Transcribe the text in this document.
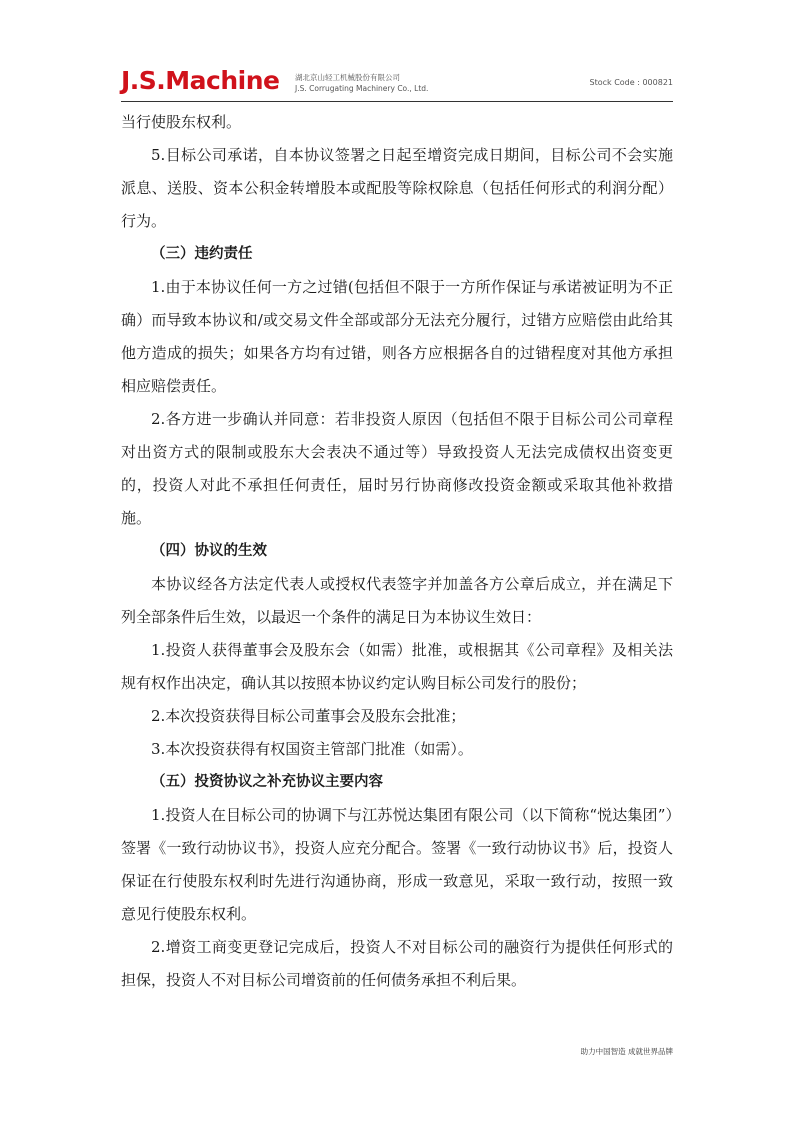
J.S.Machine 湖北京山轻工机械股份有限公司
J.S. Corrugating Machinery Co., Ltd.
Stock Code : 000821

当行使股东权利。

5.目标公司承诺，自本协议签署之日起至增资完成日期间，目标公司不会实施派息、送股、资本公积金转增股本或配股等除权除息（包括任何形式的利润分配）行为。

（三）违约责任

1.由于本协议任何一方之过错(包括但不限于一方所作保证与承诺被证明为不正确）而导致本协议和/或交易文件全部或部分无法充分履行，过错方应赔偿由此给其他方造成的损失；如果各方均有过错，则各方应根据各自的过错程度对其他方承担相应赔偿责任。

2.各方进一步确认并同意：若非投资人原因（包括但不限于目标公司公司章程对出资方式的限制或股东大会表决不通过等）导致投资人无法完成债权出资变更的，投资人对此不承担任何责任，届时另行协商修改投资金额或采取其他补救措施。

（四）协议的生效

本协议经各方法定代表人或授权代表签字并加盖各方公章后成立，并在满足下列全部条件后生效，以最迟一个条件的满足日为本协议生效日：

1.投资人获得董事会及股东会（如需）批准，或根据其《公司章程》及相关法规有权作出决定，确认其以按照本协议约定认购目标公司发行的股份；

2.本次投资获得目标公司董事会及股东会批准；

3.本次投资获得有权国资主管部门批准（如需）。

（五）投资协议之补充协议主要内容

1.投资人在目标公司的协调下与江苏悦达集团有限公司（以下简称“悦达集团”）签署《一致行动协议书》，投资人应充分配合。签署《一致行动协议书》后，投资人保证在行使股东权利时先进行沟通协商，形成一致意见，采取一致行动，按照一致意见行使股东权利。

2.增资工商变更登记完成后，投资人不对目标公司的融资行为提供任何形式的担保，投资人不对目标公司增资前的任何债务承担不利后果。

助力中国智造 成就世界品牌
